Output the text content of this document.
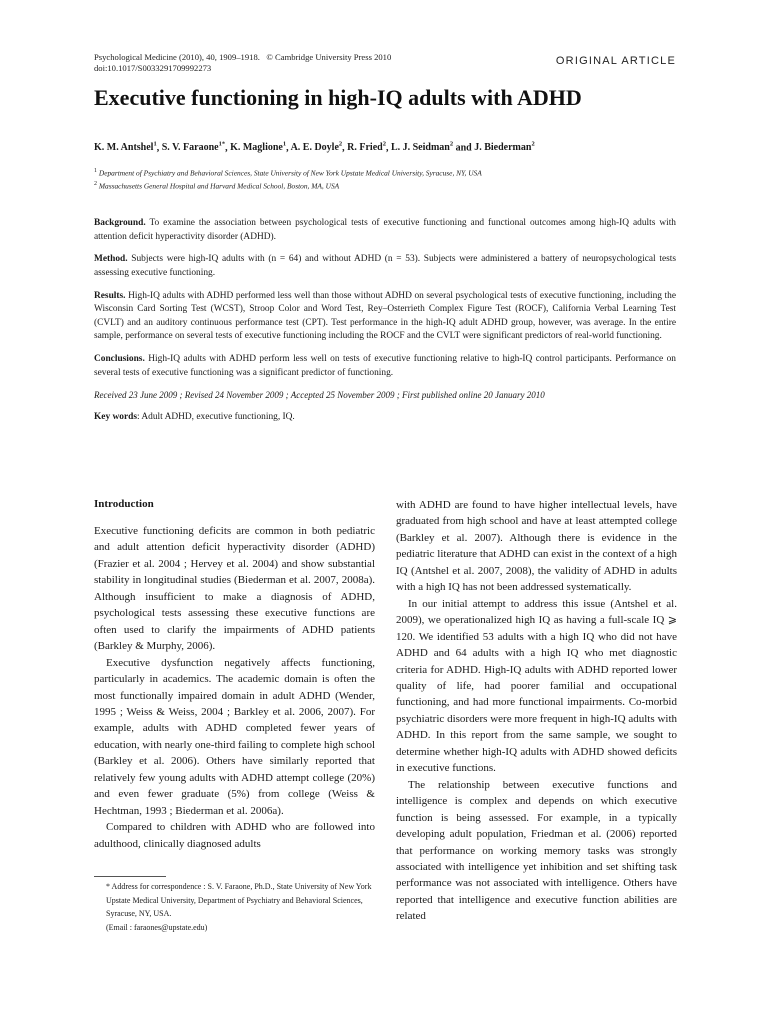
Psychological Medicine (2010), 40, 1909–1918. © Cambridge University Press 2010
doi:10.1017/S0033291709992273
ORIGINAL ARTICLE
Executive functioning in high-IQ adults with ADHD
K. M. Antshel$^1$, S. V. Faraone$^{1*}$, K. Maglione$^1$, A. E. Doyle$^2$, R. Fried$^2$, L. J. Seidman$^2$ and J. Biederman$^2$
$^1$ Department of Psychiatry and Behavioral Sciences, State University of New York Upstate Medical University, Syracuse, NY, USA
$^2$ Massachusetts General Hospital and Harvard Medical School, Boston, MA, USA

Background. To examine the association between psychological tests of executive functioning and functional outcomes among high-IQ adults with attention deficit hyperactivity disorder (ADHD).

Method. Subjects were high-IQ adults with (n = 64) and without ADHD (n = 53). Subjects were administered a battery of neuropsychological tests assessing executive functioning.

Results. High-IQ adults with ADHD performed less well than those without ADHD on several psychological tests of executive functioning, including the Wisconsin Card Sorting Test (WCST), Stroop Color and Word Test, Rey–Osterrieth Complex Figure Test (ROCF), California Verbal Learning Test (CVLT) and an auditory continuous performance test (CPT). Test performance in the high-IQ adult ADHD group, however, was average. In the entire sample, performance on several tests of executive functioning including the ROCF and the CVLT were significant predictors of real-world functioning.

Conclusions. High-IQ adults with ADHD perform less well on tests of executive functioning relative to high-IQ control participants. Performance on several tests of executive functioning was a significant predictor of functioning.

Received 23 June 2009 ; Revised 24 November 2009 ; Accepted 25 November 2009 ; First published online 20 January 2010
Key words: Adult ADHD, executive functioning, IQ.
Introduction

Executive functioning deficits are common in both pediatric and adult attention deficit hyperactivity disorder (ADHD) (Frazier et al. 2004 ; Hervey et al. 2004) and show substantial stability in longitudinal studies (Biederman et al. 2007, 2008a). Although insufficient to make a diagnosis of ADHD, psychological tests assessing these executive functions are often used to clarify the impairments of ADHD patients (Barkley & Murphy, 2006).

Executive dysfunction negatively affects functioning, particularly in academics. The academic domain is often the most functionally impaired domain in adult ADHD (Wender, 1995 ; Weiss & Weiss, 2004 ; Barkley et al. 2006, 2007). For example, adults with ADHD completed fewer years of education, with nearly one-third failing to complete high school (Barkley et al. 2006). Others have similarly reported that relatively few young adults with ADHD attempt college (20%) and even fewer graduate (5%) from college (Weiss & Hechtman, 1993 ; Biederman et al. 2006a).

Compared to children with ADHD who are followed into adulthood, clinically diagnosed adults

with ADHD are found to have higher intellectual levels, have graduated from high school and have at least attempted college (Barkley et al. 2007). Although there is evidence in the pediatric literature that ADHD can exist in the context of a high IQ (Antshel et al. 2007, 2008), the validity of ADHD in adults with a high IQ has not been addressed systematically.

In our initial attempt to address this issue (Antshel et al. 2009), we operationalized high IQ as having a full-scale IQ ⩾ 120. We identified 53 adults with a high IQ who did not have ADHD and 64 adults with a high IQ who met diagnostic criteria for ADHD. High-IQ adults with ADHD reported lower quality of life, had poorer familial and occupational functioning, and had more functional impairments. Co-morbid psychiatric disorders were more frequent in high-IQ adults with ADHD. In this report from the same sample, we sought to determine whether high-IQ adults with ADHD showed deficits in executive functions.

The relationship between executive functions and intelligence is complex and depends on which executive function is being assessed. For example, in a typically developing adult population, Friedman et al. (2006) reported that performance on working memory tasks was strongly associated with intelligence yet inhibition and set shifting task performance was not associated with intelligence. Others have reported that intelligence and executive function abilities are related

* Address for correspondence : S. V. Faraone, Ph.D., State University of New York Upstate Medical University, Department of Psychiatry and Behavioral Sciences, Syracuse, NY, USA.
(Email : faraones@upstate.edu)
